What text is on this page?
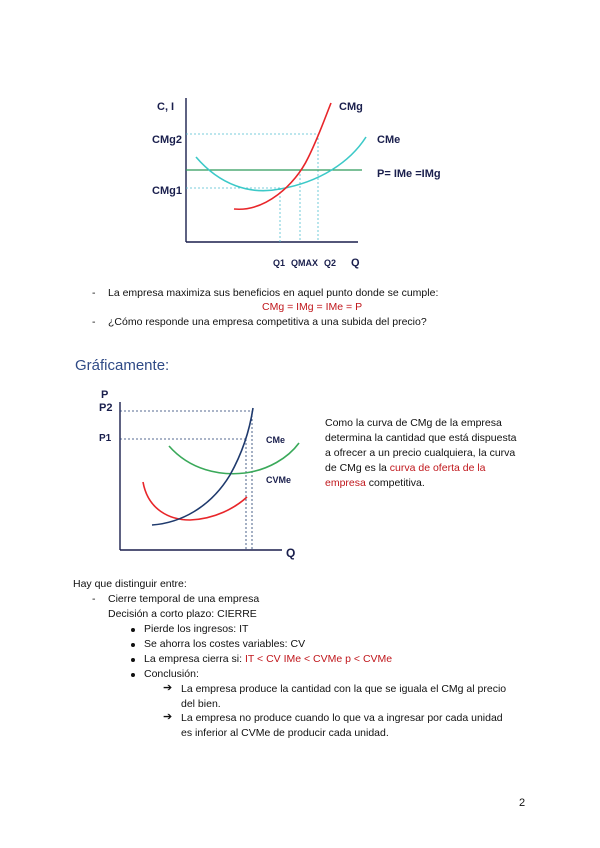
C, I
CMg2
CMg1
CMg
CMe
P= IMe =IMg
Q1 QMAX Q2 Q
- La empresa maximiza sus beneficios en aquel punto donde se cumple:
CMg = IMg = IMe = P
- ¿Cómo responde una empresa competitiva a una subida del precio?
Gráficamente:
P
P2
P1	CMe
CVMe
Q
Como la curva de CMg de la empresa
determina la cantidad que está dispuesta
a ofrecer a un precio cualquiera, la curva
de CMg es la curva de oferta de la
empresa competitiva.
Hay que distinguir entre:
- Cierre temporal de una empresa
Decisión a corto plazo: CIERRE
Pierde los ingresos: IT
Se ahorra los costes variables: CV
La empresa cierra si: IT < CV IMe < CVMe p < CVMe
Conclusión:
➔ La empresa produce la cantidad con la que se iguala el CMg al precio
del bien.
➔ La empresa no produce cuando lo que va a ingresar por cada unidad
es inferior al CVMe de producir cada unidad.
2
